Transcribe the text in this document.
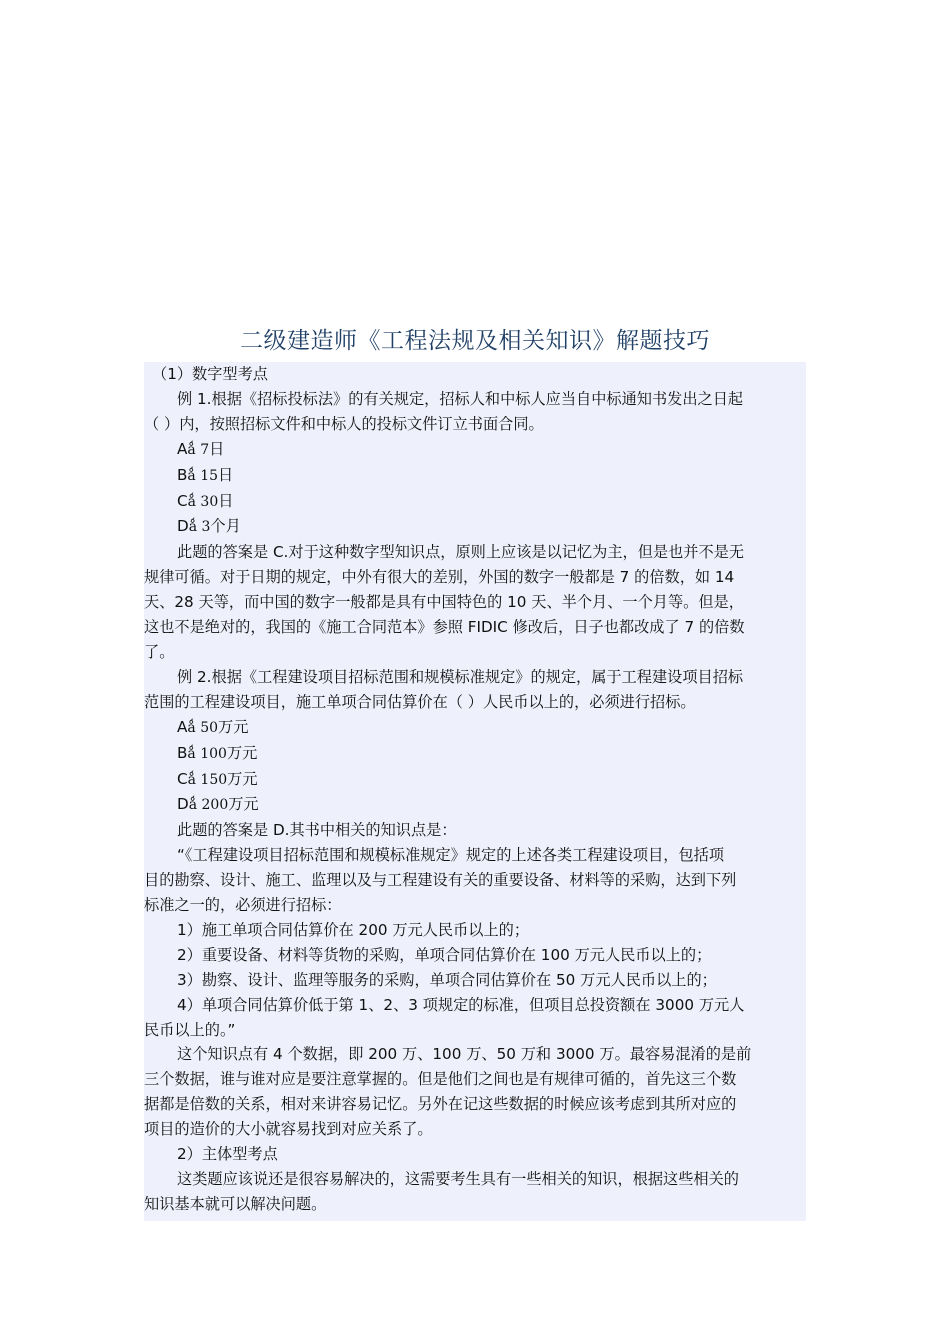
二级建造师《工程法规及相关知识》解题技巧
（1）数字型考点
例 1.根据《招标投标法》的有关规定，招标人和中标人应当自中标通知书发出之日起
（ ）内，按照招标文件和中标人的投标文件订立书面合同。
Aǻ 7日
Bǻ 15日
Cǻ 30日
Dǻ 3个月
此题的答案是 C.对于这种数字型知识点，原则上应该是以记忆为主，但是也并不是无
规律可循。对于日期的规定，中外有很大的差别，外国的数字一般都是 7 的倍数，如 14
天、28 天等，而中国的数字一般都是具有中国特色的 10 天、半个月、一个月等。但是，
这也不是绝对的，我国的《施工合同范本》参照 FIDIC 修改后，日子也都改成了 7 的倍数
了。
例 2.根据《工程建设项目招标范围和规模标准规定》的规定，属于工程建设项目招标
范围的工程建设项目，施工单项合同估算价在（ ）人民币以上的，必须进行招标。
Aǻ 50万元
Bǻ 100万元
Cǻ 150万元
Dǻ 200万元
此题的答案是 D.其书中相关的知识点是：
“《工程建设项目招标范围和规模标准规定》规定的上述各类工程建设项目，包括项
目的勘察、设计、施工、监理以及与工程建设有关的重要设备、材料等的采购，达到下列
标准之一的，必须进行招标：
1）施工单项合同估算价在 200 万元人民币以上的；
2）重要设备、材料等货物的采购，单项合同估算价在 100 万元人民币以上的；
3）勘察、设计、监理等服务的采购，单项合同估算价在 50 万元人民币以上的；
4）单项合同估算价低于第 1、2、3 项规定的标准，但项目总投资额在 3000 万元人
民币以上的。”
这个知识点有 4 个数据，即 200 万、100 万、50 万和 3000 万。最容易混淆的是前
三个数据，谁与谁对应是要注意掌握的。但是他们之间也是有规律可循的，首先这三个数
据都是倍数的关系，相对来讲容易记忆。另外在记这些数据的时候应该考虑到其所对应的
项目的造价的大小就容易找到对应关系了。
2）主体型考点
这类题应该说还是很容易解决的，这需要考生具有一些相关的知识，根据这些相关的
知识基本就可以解决问题。
